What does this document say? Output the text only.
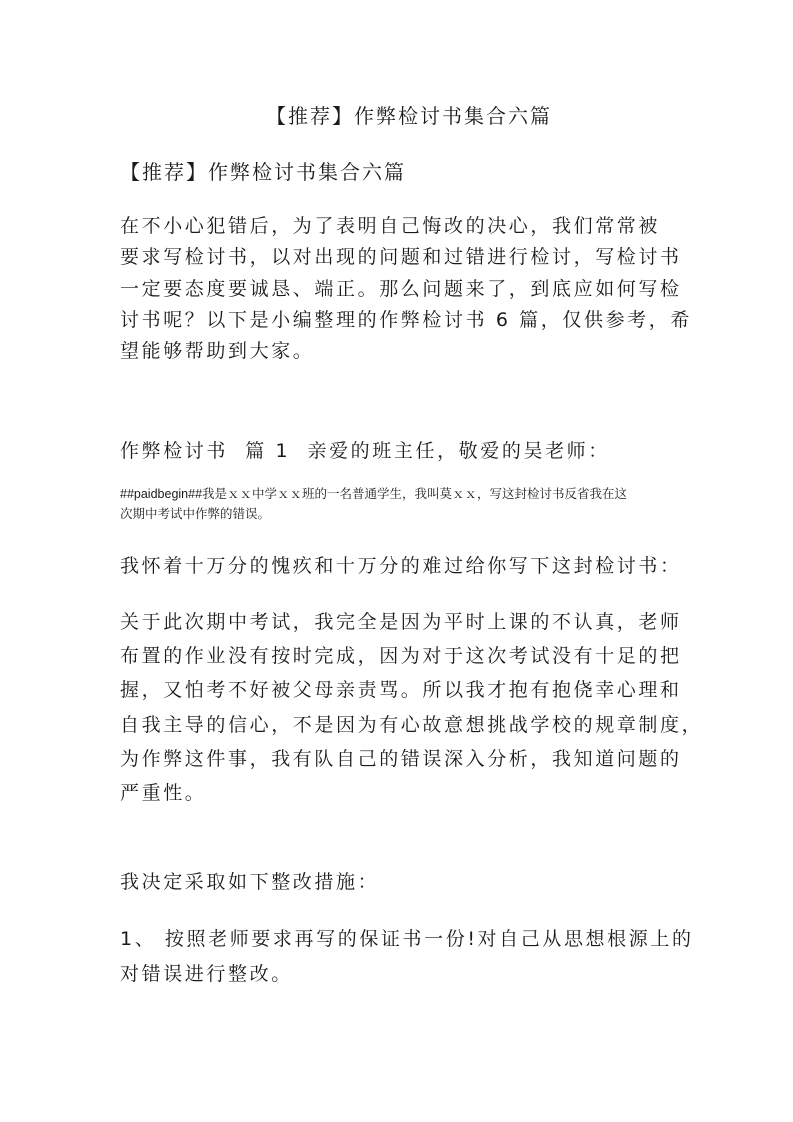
【推荐】作弊检讨书集合六篇
【推荐】作弊检讨书集合六篇
在不小心犯错后，为了表明自己悔改的决心，我们常常被
要求写检讨书，以对出现的问题和过错进行检讨，写检讨书
一定要态度要诚恳、端正。那么问题来了，到底应如何写检
讨书呢？以下是小编整理的作弊检讨书 6 篇，仅供参考，希
望能够帮助到大家。
作弊检讨书  篇 1  亲爱的班主任，敬爱的吴老师：
##paidbegin##我是ｘｘ中学ｘｘ班的一名普通学生，我叫莫ｘｘ，写这封检讨书反省我在这
次期中考试中作弊的错误。
我怀着十万分的愧疚和十万分的难过给你写下这封检讨书：
关于此次期中考试，我完全是因为平时上课的不认真，老师
布置的作业没有按时完成，因为对于这次考试没有十足的把
握，又怕考不好被父母亲责骂。所以我才抱有抱侥幸心理和
自我主导的信心，不是因为有心故意想挑战学校的规章制度，
为作弊这件事，我有队自己的错误深入分析，我知道问题的
严重性。
我决定采取如下整改措施：
1、 按照老师要求再写的保证书一份!对自己从思想根源上的
对错误进行整改。
